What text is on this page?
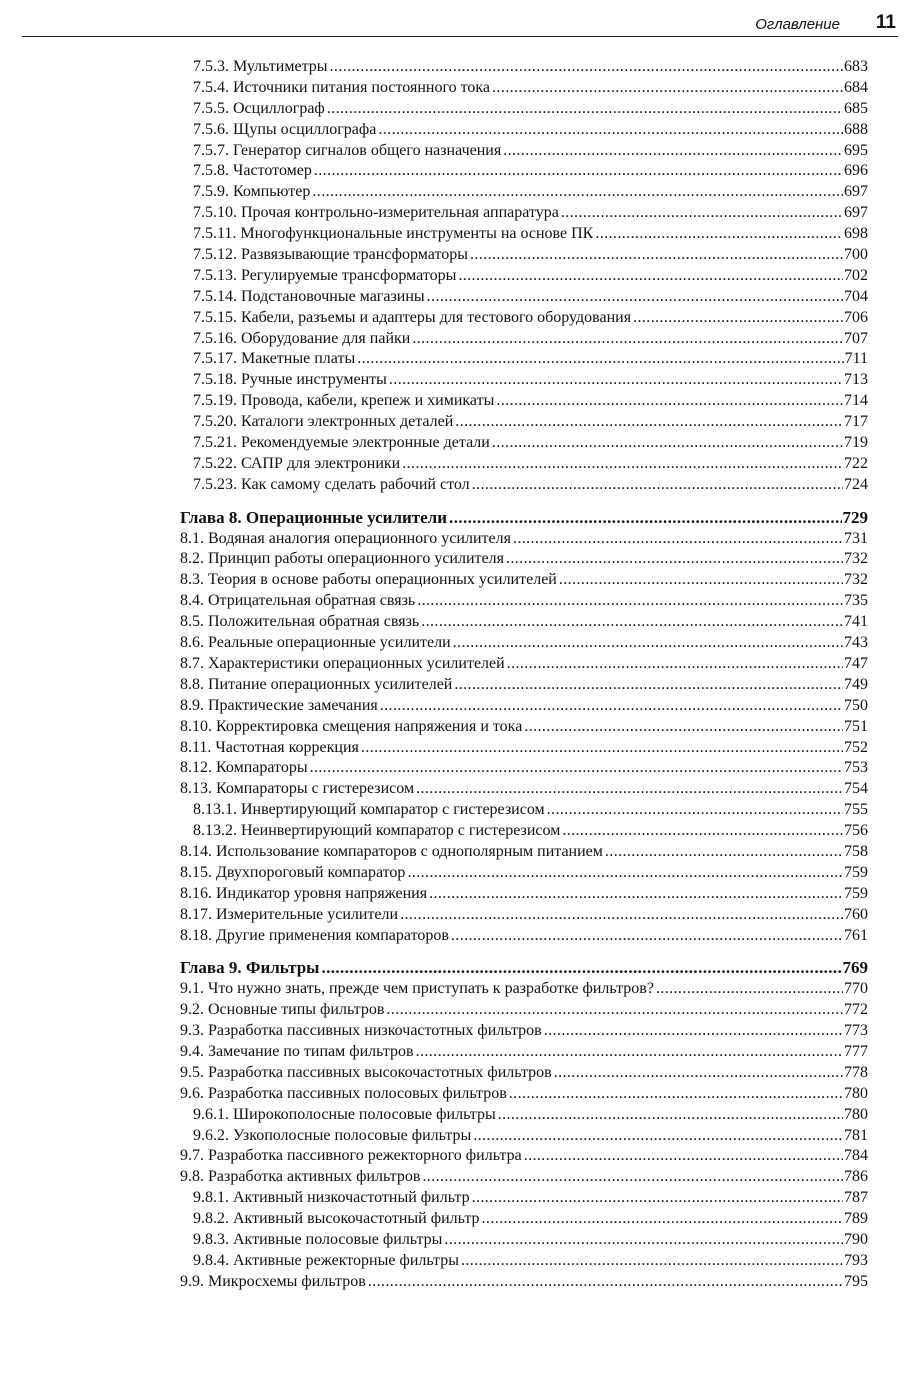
Оглавление 11
7.5.3. Мультиметры .....	683
7.5.4. Источники питания постоянного тока .....	684
7.5.5. Осциллограф .....	685
7.5.6. Щупы осциллографа .....	688
7.5.7. Генератор сигналов общего назначения .....	695
7.5.8. Частотомер .....	696
7.5.9. Компьютер .....	697
7.5.10. Прочая контрольно-измерительная аппаратура .....	697
7.5.11. Многофункциональные инструменты на основе ПК .....	698
7.5.12. Развязывающие трансформаторы .....	700
7.5.13. Регулируемые трансформаторы .....	702
7.5.14. Подстановочные магазины .....	704
7.5.15. Кабели, разъемы и адаптеры для тестового оборудования .....	706
7.5.16. Оборудование для пайки .....	707
7.5.17. Макетные платы .....	711
7.5.18. Ручные инструменты .....	713
7.5.19. Провода, кабели, крепеж и химикаты .....	714
7.5.20. Каталоги электронных деталей .....	717
7.5.21. Рекомендуемые электронные детали .....	719
7.5.22. САПР для электроники .....	722
7.5.23. Как самому сделать рабочий стол .....	724
Глава 8. Операционные усилители .....	729
8.1. Водяная аналогия операционного усилителя .....	731
8.2. Принцип работы операционного усилителя .....	732
8.3. Теория в основе работы операционных усилителей .....	732
8.4. Отрицательная обратная связь .....	735
8.5. Положительная обратная связь .....	741
8.6. Реальные операционные усилители .....	743
8.7. Характеристики операционных усилителей .....	747
8.8. Питание операционных усилителей .....	749
8.9. Практические замечания .....	750
8.10. Корректировка смещения напряжения и тока .....	751
8.11. Частотная коррекция .....	752
8.12. Компараторы .....	753
8.13. Компараторы с гистерезисом .....	754
8.13.1. Инвертирующий компаратор с гистерезисом .....	755
8.13.2. Неинвертирующий компаратор с гистерезисом .....	756
8.14. Использование компараторов с однополярным питанием .....	758
8.15. Двухпороговый компаратор .....	759
8.16. Индикатор уровня напряжения .....	759
8.17. Измерительные усилители .....	760
8.18. Другие применения компараторов .....	761
Глава 9. Фильтры .....	769
9.1. Что нужно знать, прежде чем приступать к разработке фильтров? .....	770
9.2. Основные типы фильтров .....	772
9.3. Разработка пассивных низкочастотных фильтров .....	773
9.4. Замечание по типам фильтров .....	777
9.5. Разработка пассивных высокочастотных фильтров .....	778
9.6. Разработка пассивных полосовых фильтров .....	780
9.6.1. Широкополосные полосовые фильтры .....	780
9.6.2. Узкополосные полосовые фильтры .....	781
9.7. Разработка пассивного режекторного фильтра .....	784
9.8. Разработка активных фильтров .....	786
9.8.1. Активный низкочастотный фильтр .....	787
9.8.2. Активный высокочастотный фильтр .....	789
9.8.3. Активные полосовые фильтры .....	790
9.8.4. Активные режекторные фильтры .....	793
9.9. Микросхемы фильтров .....	795
